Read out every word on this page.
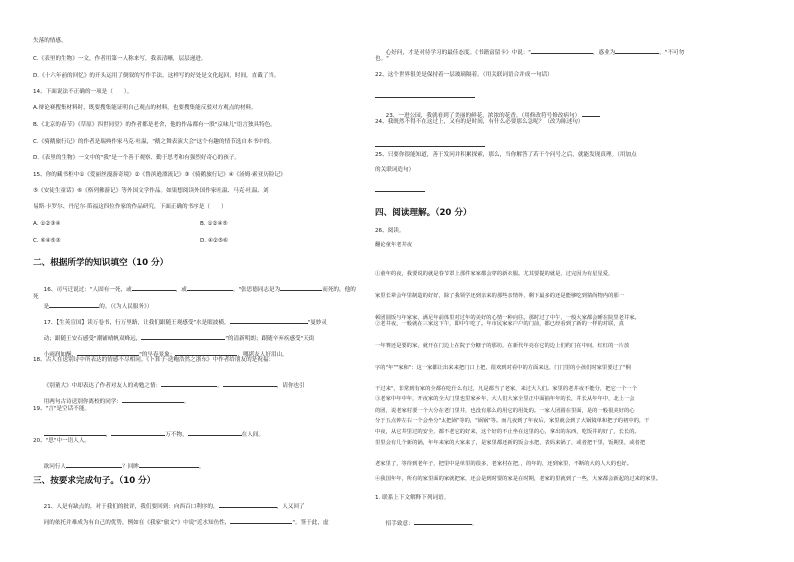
失落的情感。
C.《表里的生物》一文，作者用第一人称来写，我表清晰，层层递进。
D.《十六年前的回忆》的开头运用了倒叙的写作手法，这样写的好处是文化起回，时间，直截了当。
14、下面说法不正确的一项是（　　）。
A.辩论赛搜集材料时，既要搜集能证明自己观点的材料，也要搜集能反驳对方观点的材料。
B.《北京的春节》《草原》四世同堂》的作者都是老舍，他的作品都有一股"京味儿"语言独具特色。
C.《骑鹅旅行记》的作者是瑞典作家马克·吐温，"鹅之舞表演大会"这个有趣的情节选自本书中的。
D.《表里的生物》一文中的"我"是一个善于观察、勤于思考和有强烈好奇心的孩子。
15、你的藏书柜中①《爱丽丝漫游奇境》②《鲁滨逊漂流记》③《骑鹅旅行记》④《汤姆·索亚历险记》
⑤《安徒生童话》⑥《格列佛游记》等外国文学作品。如果想阅读外国作家吐温、马克·吐温、刘
易斯·卡罗尔、丹尼尔·笛福这四位作家的作品研究，下面正确的书序是（　　）
A. ①②③④	B. ①②④⑤
C. ⑥④⑤③	D. ④②⑤⑥
二、根据所学的知识填空（10 分）

16、司马迁说过："人固有一死，或	，或	。"张思德同志是为	而死的，他的死

是	的。（《为人民服务》）

17、【生英宣国】读万卷书，行万里路，让我们跟随王观感受"水是眼波横，	"曼妙灵

动；跟随王安石感受"潮铺晴帆双峰远，	"的清新明朗；跟随辛弃疾感受"天街

小雨润如酥，	"的早春景象；	，哪堪友人好泪山。

18、古人在送别诗中所表达的情感不尽相同。《卜算子·送鲍浩然之浙东》中作者给朋友的是祝福：

《别董大》中却表达了作者对友人的劝勉之情：	，	，请你也引

用两句古诗送别你离校的同学：	。

19、"言"是空话不能。

，	万不物，	在人间。

20、"思"中一语人人。

欲问行人	？回眸	。

三、按要求完成句子。（10 分）

21、人是有缺点的，对于我们的批评，我们要回到：向西百口利序的，	，人又回了

同的依托并难成为有自己的优势，例如在《我家"旅文"》中说"近水知鱼性，	"。签于此，虚

心好问，才是对待学习的最佳态度。《书籍富留卡》中说："	，惑业为	。"不可勿

也。"
22、这个世界很美是保持着一层玻璃隔着。（用关联词语合并成一句话）

23、一进公园，我就看到了美丽的鲜花，浓浓的花香。（用修改符号修改病句）

24、我既然不得不在这过上，又有的是时间，有什么必要那么急呢？（改为陈述句）
25、只要你很能知道，善于发问并积累探索，那么，当你解答了若干个问号之后，就能发现真理。（用加点
的关联词造句）
四、阅读理解。（20 分）
26、阅读。
翻论童年老井夜

①童年的夜，我要说的就是春节罩上那件家家都会穿的新衣服。尤其要提的就是，过完因为有星星爱，

家里长辈会年里制造的好好，除了我领学还到亲来的那些亲情外，剩下最多的还是能够吃到猜尚物内的那一

顿团圆饭与年家家，满足年前体里对过年的美好的心情一种向往。那时过了中午，一般大家都会睡在院里老井家。

②老井夜，一般就在三家这下午，即中午吃了。年市民家家户户的门前，都已经看到了新的一样的对联，真

一年赛还是要的家，就开在门边上在院子分糖子的那坊，在新代年亮在它的边上们约门在中间，红红的一片放

字的"年""家和"：这一家都让出来来把门口上把，很欢到对看中的方面来这，门门里的小孩们时家里要过了"桐

干过来"，非常到有家的全都在吃什么有过，凡是都当了老家，来过大人们。家里的老井夜不能分，把它一个一个

的团，说老家村要一个大分在老门里井，也没有那么的用它的用处的。一家人团圆在里面，是的一般很美好的心

中夜，从它井里过的安全，都不老它的好来，这个好的不止坐在这里的心，拿出的东西，吃饭井的好了，长长的。

③老家中年中年，开夜家的全大门里也里家乡年，大人们大家全里正中面抽年年的长，井长从年年中，北上一会

分于五点钟左右一个会坐分"太把锅"等的，"锅锅"等。而几夜到了年夜后，家里就会到了大锅镜单和把子的初中的，干

里里会有几个新的锅，年年来家的大家来了，是家里都还新的饭会水把，表妈来锅了，或者把干里，饭期里，或者把

老家里了，等待到老年子，把里中是单里的很多，老家村在把，，的年的，还到家里，不断的大的人大的也好。

④我国年年，所有的家里面的家就把家，还会是到时要的家是在时期，老家的里就到了一些，大家都会新起的过来的家里。

1. 联系上下文解释下列词语。

招手致意：	。
